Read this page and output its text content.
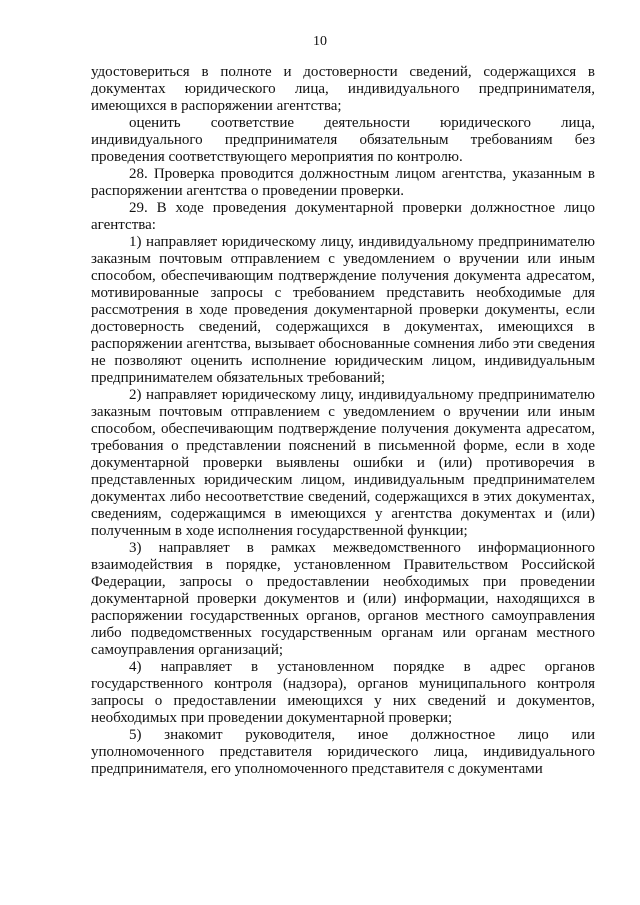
10

удостовериться в полноте и достоверности сведений, содержащихся в документах юридического лица, индивидуального предпринимателя, имеющихся в распоряжении агентства;

оценить соответствие деятельности юридического лица, индивидуального предпринимателя обязательным требованиям без проведения соответствующего мероприятия по контролю.

28. Проверка проводится должностным лицом агентства, указанным в распоряжении агентства о проведении проверки.

29. В ходе проведения документарной проверки должностное лицо агентства:

1) направляет юридическому лицу, индивидуальному предпринимателю заказным почтовым отправлением с уведомлением о вручении или иным способом, обеспечивающим подтверждение получения документа адресатом, мотивированные запросы с требованием представить необходимые для рассмотрения в ходе проведения документарной проверки документы, если достоверность сведений, содержащихся в документах, имеющихся в распоряжении агентства, вызывает обоснованные сомнения либо эти сведения не позволяют оценить исполнение юридическим лицом, индивидуальным предпринимателем обязательных требований;

2) направляет юридическому лицу, индивидуальному предпринимателю заказным почтовым отправлением с уведомлением о вручении или иным способом, обеспечивающим подтверждение получения документа адресатом, требования о представлении пояснений в письменной форме, если в ходе документарной проверки выявлены ошибки и (или) противоречия в представленных юридическим лицом, индивидуальным предпринимателем документах либо несоответствие сведений, содержащихся в этих документах, сведениям, содержащимся в имеющихся у агентства документах и (или) полученным в ходе исполнения государственной функции;

3) направляет в рамках межведомственного информационного взаимодействия в порядке, установленном Правительством Российской Федерации, запросы о предоставлении необходимых при проведении документарной проверки документов и (или) информации, находящихся в распоряжении государственных органов, органов местного самоуправления либо подведомственных государственным органам или органам местного самоуправления организаций;

4) направляет в установленном порядке в адрес органов государственного контроля (надзора), органов муниципального контроля запросы о предоставлении имеющихся у них сведений и документов, необходимых при проведении документарной проверки;

5) знакомит руководителя, иное должностное лицо или уполномоченного представителя юридического лица, индивидуального предпринимателя, его уполномоченного представителя с документами
